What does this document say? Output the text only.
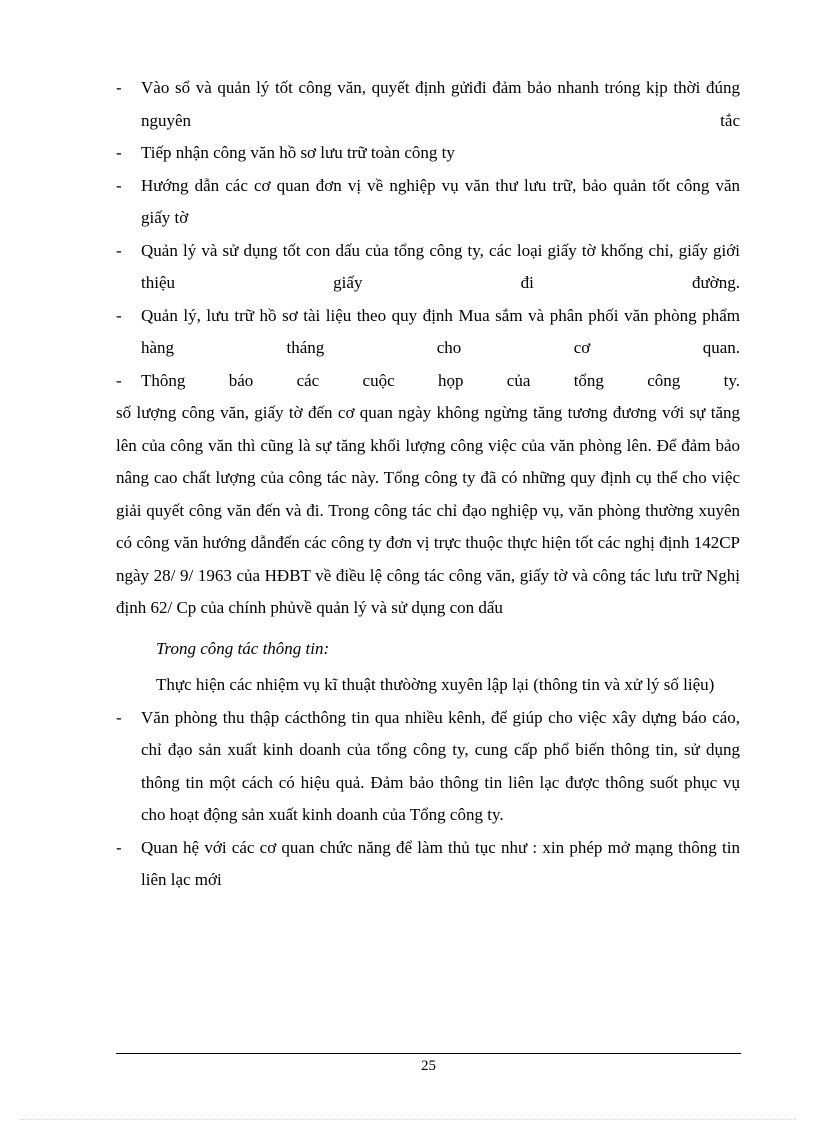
- Vào sổ và quản lý tốt công văn, quyết định gửiđi đảm bảo nhanh tróng kịp thời đúng nguyên tắc
- Tiếp nhận công văn hồ sơ lưu trữ toàn công ty
- Hướng dẫn các cơ quan đơn vị về nghiệp vụ văn thư lưu trữ, bảo quản tốt công văn giấy tờ
- Quản lý và sử dụng tốt con dấu của tổng công ty, các loại giấy tờ khống chỉ, giấy giới thiệu giấy đi đường.
- Quản lý, lưu trữ hồ sơ tài liệu theo quy định Mua sắm và phân phối văn phòng phẩm hàng tháng cho cơ quan.
- Thông báo các cuộc họp của tổng công ty.
số lượng công văn, giấy tờ đến cơ quan ngày không ngừng tăng tương đương với sự tăng lên của công văn thì cũng là sự tăng khối lượng công việc của văn phòng lên. Để đảm bảo nâng cao chất lượng của công tác này. Tổng công ty đã có những quy định cụ thể cho việc giải quyết công văn đến và đi. Trong công tác chỉ đạo nghiệp vụ, văn phòng thường xuyên có công văn hướng dẫnđến các công ty đơn vị trực thuộc thực hiện tốt các nghị định 142CP ngày 28/ 9/ 1963 của HĐBT về điều lệ công tác công văn, giấy tờ và công tác lưu trữ Nghị định 62/ Cp của chính phủvề quản lý và sử dụng con dấu
Trong công tác thông tin:
Thực hiện các nhiệm vụ kĩ thuật thưòờng xuyên lập lại (thông tin và xử lý số liệu)
- Văn phòng thu thập cácthông tin qua nhiều kênh, để giúp cho việc xây dựng báo cáo, chỉ đạo sản xuất kinh doanh của tổng công ty, cung cấp phổ biến thông tin, sử dụng thông tin một cách có hiệu quả. Đảm bảo thông tin liên lạc được thông suốt phục vụ cho hoạt động sản xuất kinh doanh của Tổng công ty.
- Quan hệ với các cơ quan chức năng để làm thủ tục như : xin phép mở mạng thông tin liên lạc mới
25
